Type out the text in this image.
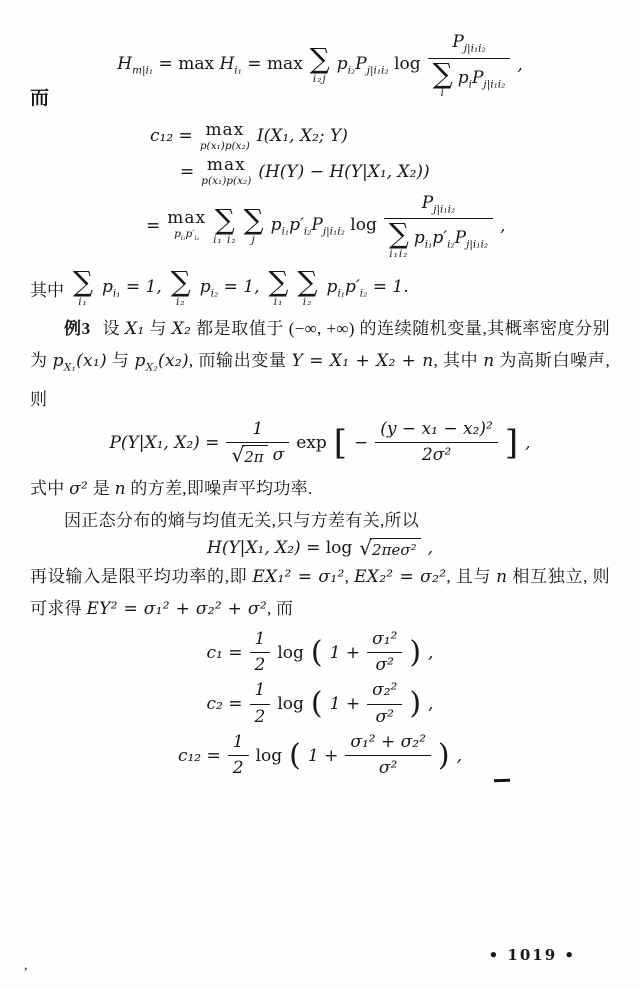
$H_{m|i_1} = \max H_{i_1} = \max$ ∑
i₂j
$p_{i_2}P_{j|i_1i_2}$ $\log P_{j|i_1i_2}$
∑
i
$p_iP_{j|i_1i_2}$ ,
而
c₁₂ = max
p(x₁)p(x₂) I(X₁, X₂; Y)
= max
p(x₁)p(x₂) (H(Y) − H(Y|X₁, X₂))
= max
$p_{i_1}p'_{i_2}$
∑
i₁ i₂
∑
j
$p_{i_1}p'_{i_2}P_{j|i_1i_2}$ $\log P_{j|i_1i_2}$
∑
i₁i₂
$p_{i_1}p'_{i_2}P_{j|i_1i_2}$ ,
其中 ∑
i₁
$p_{i_1} = 1$, ∑
i₂
$p_{i_2} = 1$, ∑
i₁
∑
i₂
$p_{i_1}p'_{i_2} = 1$.
例3 设 X₁ 与 X₂ 都是取值于 (−∞, +∞) 的连续随机变量,其概率密度分别为 $p_{X_1}(x_1)$ 与 $p_{X_2}(x_2)$, 而输出变量 Y = X₁ + X₂ + n, 其中 n 为高斯白噪声,则
P(Y|X₁, $X_2) = \frac{1}{\text{√ 2π σ}}$ exp [ − $\frac{\text{(y − x₁ − x₂)²}}{\text{2σ²}}$ ] ,
式中 σ² 是 n 的方差,即噪声平均功率.
因正态分布的熵与均值无关,只与方差有关,所以
H(Y|X₁, X₂) = log √ 2πeσ² ,
再设输入是限平均功率的,即 EX₁² = σ₁², EX₂² = σ₂², 且与 n 相互独立, 则可求得 EY² = σ₁² + σ₂² + σ², 而
$c_1 = \frac{1}{2}$ log ( $1 + \frac{\text{σ₁²}}{\text{σ²}}$ ) ,
$c_2 = \frac{1}{2}$ log ( $1 + \frac{\text{σ₂²}}{\text{σ²}}$ ) ,
$c_{12} = \frac{1}{2}$ log ( $1 + \frac{\text{σ₁² + σ₂²}}{\text{σ²}}$ ) ,
• 1019 •
,
